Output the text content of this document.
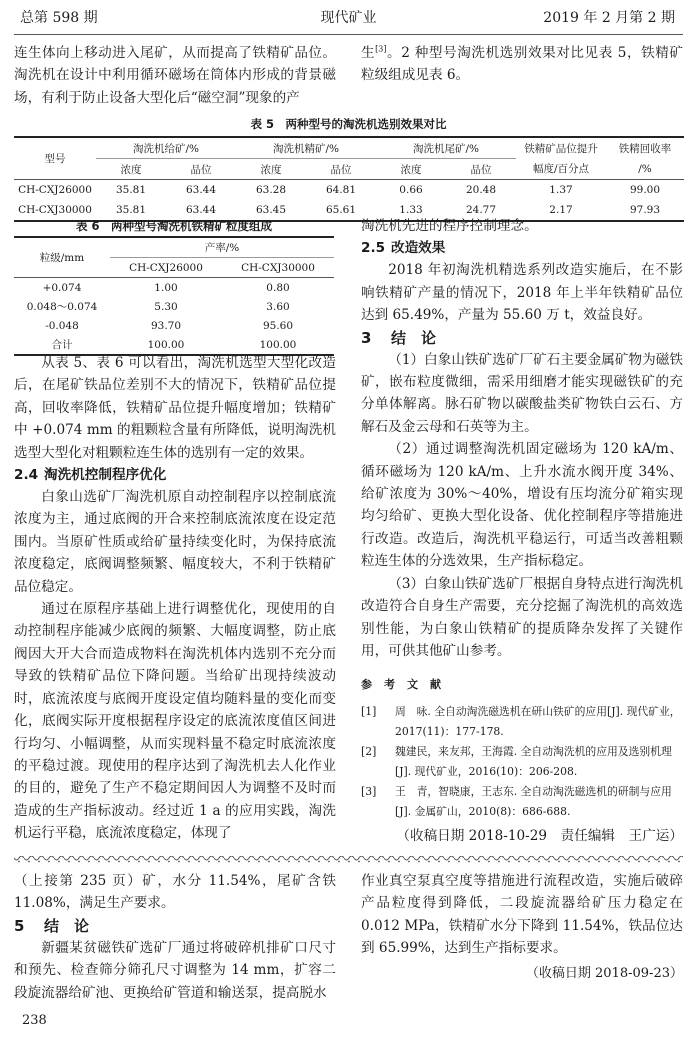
总第 598 期	现代矿业	2019 年 2 月第 2 期
连生体向上移动进入尾矿，从而提高了铁精矿品位。淘洗机在设计中利用循环磁场在筒体内形成的背景磁场，有利于防止设备大型化后“磁空洞”现象的产
生[3]。2 种型号淘洗机选别效果对比见表 5，铁精矿粒级组成见表 6。
表 5　两种型号的淘洗机选别效果对比
型号	淘洗机给矿/%		淘洗机精矿/%		淘洗机尾矿/%		铁精矿品位提升	铁精回收率
	浓度	品位	浓度	品位	浓度	品位	幅度/百分点	/%
CH-CXJ26000	35.81	63.44	63.28	64.81	0.66	20.48	1.37	99.00
CH-CXJ30000	35.81	63.44	63.45	65.61	1.33	24.77	2.17	97.93
表 6　两种型号淘洗机铁精矿粒度组成
粒级/mm	产率/%	
	CH-CXJ26000	CH-CXJ30000
+0.074	1.00	0.80
0.048～0.074	5.30	3.60
-0.048	93.70	95.60
合计	100.00	100.00
从表 5、表 6 可以看出，淘洗机选型大型化改造后，在尾矿铁品位差别不大的情况下，铁精矿品位提高，回收率降低，铁精矿品位提升幅度增加；铁精矿中 +0.074 mm 的粗颗粒含量有所降低，说明淘洗机选型大型化对粗颗粒连生体的选别有一定的效果。
2.4 淘洗机控制程序优化
白象山选矿厂淘洗机原自动控制程序以控制底流浓度为主，通过底阀的开合来控制底流浓度在设定范围内。当原矿性质或给矿量持续变化时，为保持底流浓度稳定，底阀调整频繁、幅度较大，不利于铁精矿品位稳定。
通过在原程序基础上进行调整优化，现使用的自动控制程序能减少底阀的频繁、大幅度调整，防止底阀因大开大合而造成物料在淘洗机体内选别不充分而导致的铁精矿品位下降问题。当给矿出现持续波动时，底流浓度与底阀开度设定值均随料量的变化而变化，底阀实际开度根据程序设定的底流浓度值区间进行均匀、小幅调整，从而实现料量不稳定时底流浓度的平稳过渡。现使用的程序达到了淘洗机去人化作业的目的，避免了生产不稳定期间因人为调整不及时而造成的生产指标波动。经过近 1 a 的应用实践，淘洗机运行平稳，底流浓度稳定，体现了
淘洗机先进的程序控制理念。
2.5 改造效果
2018 年初淘洗机精选系列改造实施后，在不影响铁精矿产量的情况下，2018 年上半年铁精矿品位达到 65.49%，产量为 55.60 万 t，效益良好。
3 结　论
（1）白象山铁矿选矿厂矿石主要金属矿物为磁铁矿，嵌布粒度微细，需采用细磨才能实现磁铁矿的充分单体解离。脉石矿物以碳酸盐类矿物铁白云石、方解石及金云母和石英等为主。
（2）通过调整淘洗机固定磁场为 120 kA/m、循环磁场为 120 kA/m、上升水流水阀开度 34%、给矿浓度为 30%～40%，增设有压均流分矿箱实现均匀给矿、更换大型化设备、优化控制程序等措施进行改造。改造后，淘洗机平稳运行，可适当改善粗颗粒连生体的分选效果，生产指标稳定。
（3）白象山铁矿选矿厂根据自身特点进行淘洗机改造符合自身生产需要，充分挖掘了淘洗机的高效选别性能，为白象山铁精矿的提质降杂发挥了关键作用，可供其他矿山参考。
参考文献
[1] 周　咏. 全自动淘洗磁选机在研山铁矿的应用[J]. 现代矿业，2017(11)：177-178.
[2] 魏建民，来友邦，王海霞. 全自动淘洗机的应用及选别机理[J]. 现代矿业，2016(10)：206-208.
[3] 王　青，智晓康，王志东. 全自动淘洗磁选机的研制与应用[J]. 金属矿山，2010(8)：686-688.
（收稿日期 2018-10-29　责任编辑　王广运）
（上接第 235 页）矿，水分 11.54%，尾矿含铁 11.08%，满足生产要求。
5 结　论
新疆某贫磁铁矿选矿厂通过将破碎机排矿口尺寸和预先、检查筛分筛孔尺寸调整为 14 mm，扩容二段旋流器给矿池、更换给矿管道和输送泵，提高脱水
作业真空泵真空度等措施进行流程改造，实施后破碎产品粒度得到降低，二段旋流器给矿压力稳定在 0.012 MPa，铁精矿水分下降到 11.54%，铁品位达到 65.99%，达到生产指标要求。
（收稿日期 2018-09-23）
238
